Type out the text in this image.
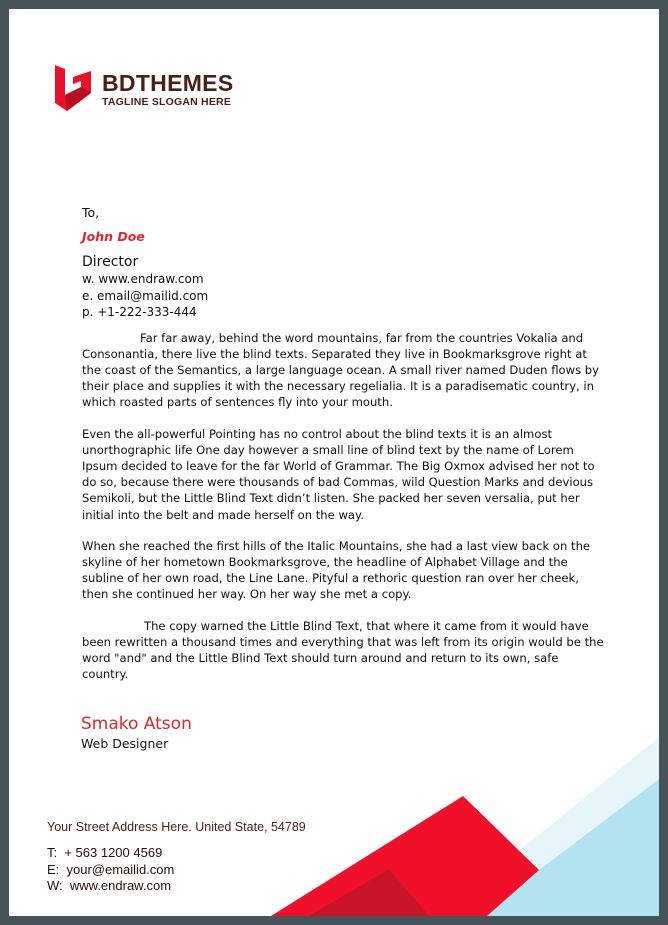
BDTHEMES
TAGLINE SLOGAN HERE
To,
John Doe
Director
w. www.endraw.com
e. email@mailid.com
p. +1-222-333-444

Far far away, behind the word mountains, far from the countries Vokalia and Consonantia, there live the blind texts. Separated they live in Bookmarksgrove right at the coast of the Semantics, a large language ocean. A small river named Duden flows by their place and supplies it with the necessary regelialia. It is a paradisematic country, in which roasted parts of sentences fly into your mouth.

Even the all-powerful Pointing has no control about the blind texts it is an almost unorthographic life One day however a small line of blind text by the name of Lorem Ipsum decided to leave for the far World of Grammar. The Big Oxmox advised her not to do so, because there were thousands of bad Commas, wild Question Marks and devious Semikoli, but the Little Blind Text didn’t listen. She packed her seven versalia, put her initial into the belt and made herself on the way.

When she reached the first hills of the Italic Mountains, she had a last view back on the skyline of her hometown Bookmarksgrove, the headline of Alphabet Village and the subline of her own road, the Line Lane. Pityful a rethoric question ran over her cheek, then she continued her way. On her way she met a copy.

The copy warned the Little Blind Text, that where it came from it would have been rewritten a thousand times and everything that was left from its origin would be the word "and" and the Little Blind Text should turn around and return to its own, safe country.

Smako Atson
Web Designer
Your Street Address Here. United State, 54789
T:  + 563 1200 4569
E:  your@emailid.com
W:  www.endraw.com
